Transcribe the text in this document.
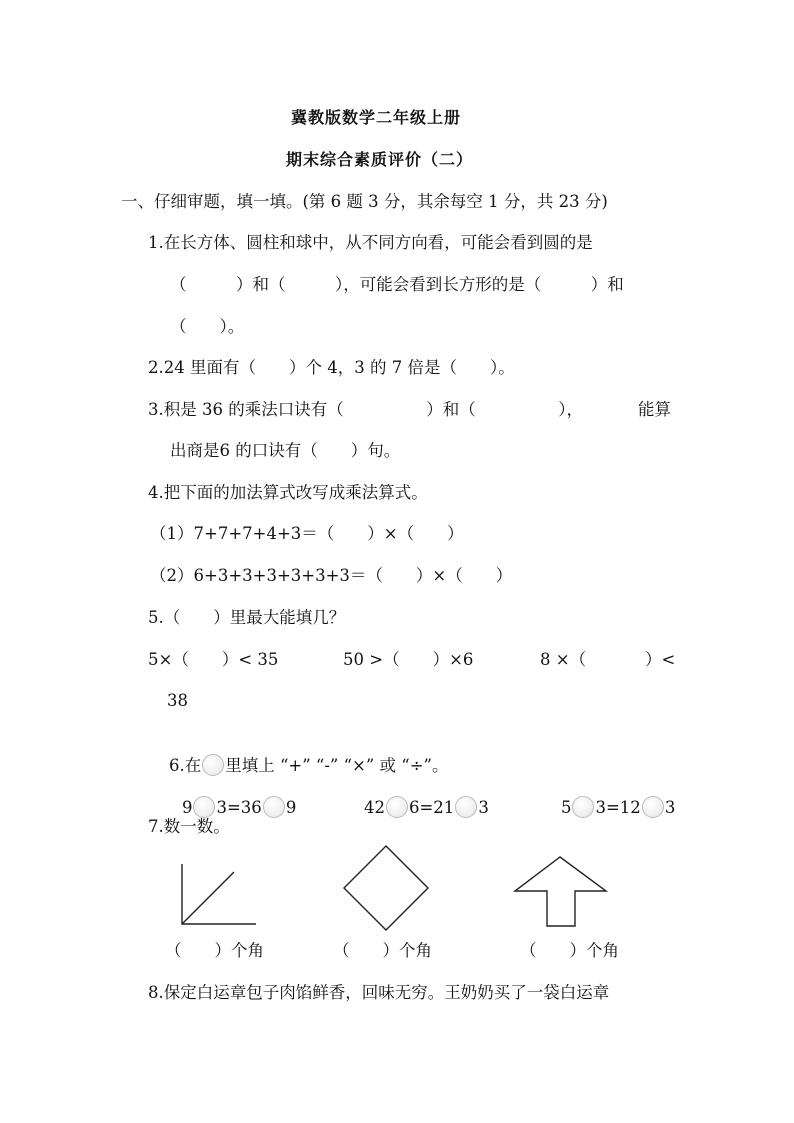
冀教版数学二年级上册
期末综合素质评价（二）
一、仔细审题，填一填。(第 6 题 3 分，其余每空 1 分，共 23 分)
1.在长方体、圆柱和球中，从不同方向看，可能会看到圆的是
（　　　）和（　　　），可能会看到长方形的是（　　　）和
（　　）。
2.24 里面有（　　）个 4，3 的 7 倍是（　　）。
3.积是 36 的乘法口诀有（　　　　　）和（　　　　　），	能算
出商是6 的口诀有（　　）句。
4.把下面的加法算式改写成乘法算式。
（1）7+7+7+4+3＝（　　）×（　　）
（2）6+3+3+3+3+3+3＝（　　）×（　　）
5.（　　）里最大能填几？
5×（　　）< 35	50 >（　　）×6	8 ×（	）<
38

6.在 里填上 “+” “-” “×” 或 “÷”。

9 3=36 9
	42 6=21 3
	5 3=12 3

7.数一数。
（　　）个角	（　　）个角	（　　）个角
8.保定白运章包子肉馅鲜香，回味无穷。王奶奶买了一袋白运章
